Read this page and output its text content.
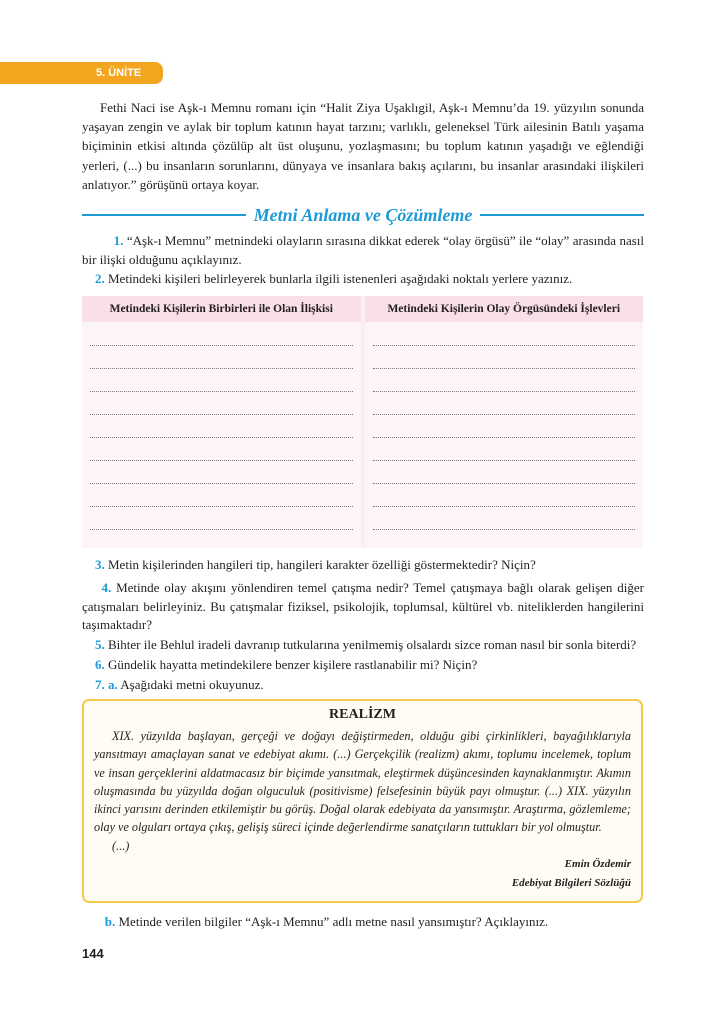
5. ÜNİTE
Fethi Naci ise Aşk-ı Memnu romanı için “Halit Ziya Uşaklıgil, Aşk-ı Memnu’da 19. yüzyılın sonunda yaşayan zengin ve aylak bir toplum katının hayat tarzını; varlıklı, geleneksel Türk ailesinin Batılı yaşama biçiminin etkisi altında çözülüp alt üst oluşunu, yozlaşmasını; bu toplum katının yaşadığı ve eğlendiği yerleri, (...) bu insanların sorunlarını, dünyaya ve insanlara bakış açılarını, bu insanlar arasındaki ilişkileri anlatıyor.” görüşünü ortaya koyar.
Metni Anlama ve Çözümleme
1. “Aşk-ı Memnu” metnindeki olayların sırasına dikkat ederek “olay örgüsü” ile “olay” arasında nasıl bir ilişki olduğunu açıklayınız.
2. Metindeki kişileri belirleyerek bunlarla ilgili istenenleri aşağıdaki noktalı yerlere yazınız.
Metindeki Kişilerin Birbirleri ile Olan İlişkisi	Metindeki Kişilerin Olay Örgüsündeki İşlevleri
3. Metin kişilerinden hangileri tip, hangileri karakter özelliği göstermektedir? Niçin?
4. Metinde olay akışını yönlendiren temel çatışma nedir? Temel çatışmaya bağlı olarak gelişen diğer çatışmaları belirleyiniz. Bu çatışmalar fiziksel, psikolojik, toplumsal, kültürel vb. niteliklerden hangilerini taşımaktadır?
5. Bihter ile Behlul iradeli davranıp tutkularına yenilmemiş olsalardı sizce roman nasıl bir sonla biterdi?
6. Gündelik hayatta metindekilere benzer kişilere rastlanabilir mi? Niçin?
7. a. Aşağıdaki metni okuyunuz.
REALİZM
XIX. yüzyılda başlayan, gerçeği ve doğayı değiştirmeden, olduğu gibi çirkinlikleri, bayağılıklarıyla yansıtmayı amaçlayan sanat ve edebiyat akımı. (...) Gerçekçilik (realizm) akımı, toplumu incelemek, toplum ve insan gerçeklerini aldatmacasız bir biçimde yansıtmak, eleştirmek düşüncesinden kaynaklanmıştır. Akımın oluşmasında bu yüzyılda doğan olguculuk (positivisme) felsefesinin büyük payı olmuştur. (...) XIX. yüzyılın ikinci yarısını derinden etkilemiştir bu görüş. Doğal olarak edebiyata da yansımıştır. Araştırma, gözlemleme; olay ve olguları ortaya çıkış, gelişiş süreci içinde değerlendirme sanatçıların tuttukları bir yol olmuştur.
(...)
Emin Özdemir
Edebiyat Bilgileri Sözlüğü
b. Metinde verilen bilgiler “Aşk-ı Memnu” adlı metne nasıl yansımıştır? Açıklayınız.
144
